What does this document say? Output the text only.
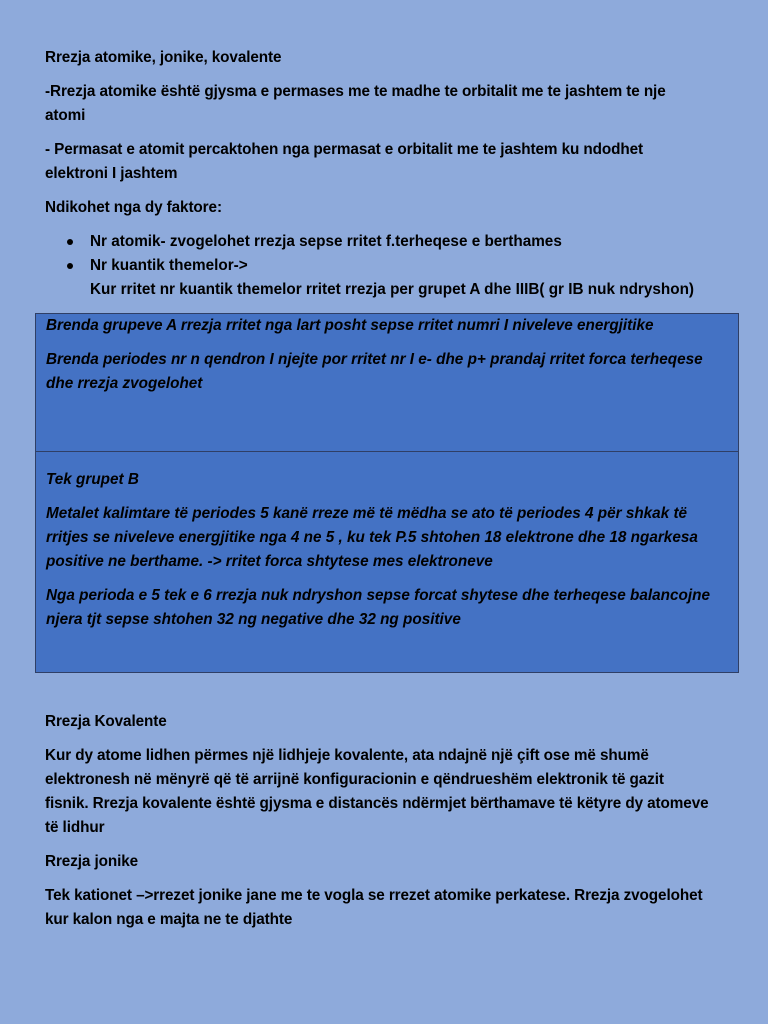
Rrezja atomike, jonike, kovalente

-Rrezja atomike është gjysma e permases me te madhe te orbitalit me te jashtem te nje

atomi

- Permasat e atomit percaktohen nga permasat e orbitalit me te jashtem ku ndodhet

elektroni I jashtem

Ndikohet nga dy faktore:

Nr atomik- zvogelohet rrezja sepse rritet f.terheqese e berthames
Nr kuantik themelor->
Kur rritet nr kuantik themelor rritet rrezja per grupet A dhe IIIB( gr IB nuk ndryshon)

Brenda grupeve A rrezja rritet nga lart posht sepse rritet numri I niveleve energjitike

Brenda periodes nr n qendron I njejte por rritet nr I e- dhe p+ prandaj rritet forca terheqese

dhe rrezja zvogelohet

Tek grupet B

Metalet kalimtare të periodes 5 kanë rreze më të mëdha se ato të periodes 4 për shkak të

rritjes se niveleve energjitike nga 4 ne 5 , ku tek P.5 shtohen 18 elektrone dhe 18 ngarkesa

positive ne berthame. -> rritet forca shtytese mes elektroneve

Nga perioda e 5 tek e 6 rrezja nuk ndryshon sepse forcat shytese dhe terheqese balancojne

njera tjt sepse shtohen 32 ng negative dhe 32 ng positive

Rrezja Kovalente

Kur dy atome lidhen përmes një lidhjeje kovalente, ata ndajnë një çift ose më shumë

elektronesh në mënyrë që të arrijnë konfiguracionin e qëndrueshëm elektronik të gazit

fisnik. Rrezja kovalente është gjysma e distancës ndërmjet bërthamave të këtyre dy atomeve

të lidhur

Rrezja jonike

Tek kationet –>rrezet jonike jane me te vogla se rrezet atomike perkatese. Rrezja zvogelohet

kur kalon nga e majta ne te djathte
